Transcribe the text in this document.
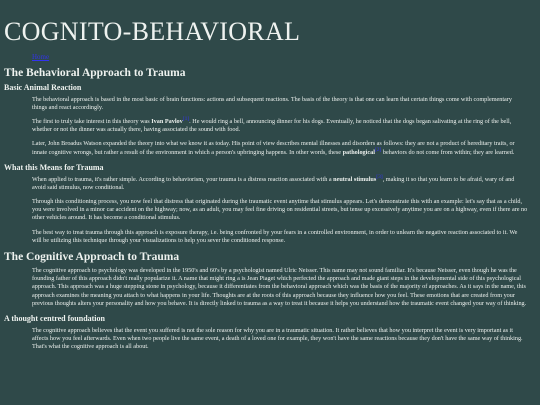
COGNITO-BEHAVIORAL
Home
The Behavioral Approach to Trauma
Basic Animal Reaction

The behavioral approach is based in the most basic of brain functions: actions and subsequent reactions. The basis of the theory is that one can learn that certain things come with complementary things and react accordingly.

The first to truly take interest in this theory was Ivan Pavlov[1]. He would ring a bell, announcing dinner for his dogs. Eventually, he noticed that the dogs began salivating at the ring of the bell, whether or not the dinner was actually there, having associated the sound with food.

Later, John Broadus Watson expanded the theory into what we know it as today. His point of view describes mental illnesses and disorders as follows: they are not a product of hereditary traits, or innate cognitive wrongs, but rather a result of the environment in which a person's upbringing happens. In other words, these pathological[2] behaviors do not come from within; they are learned.

What this Means for Trauma

When applied to trauma, it's rather simple. According to behaviorism, your trauma is a distress reaction associated with a neutral stimulus[3], making it so that you learn to be afraid, wary of and avoid said stimulus, now conditional.

Through this conditioning process, you now feel that distress that originated during the traumatic event anytime that stimulus appears. Let's demonstrate this with an example: let's say that as a child, you were involved in a minor car accident on the highway; now, as an adult, you may feel fine driving on residential streets, but tense up excessively anytime you are on a highway, even if there are no other vehicles around. It has become a conditional stimulus.

The best way to treat trauma through this approach is exposure therapy, i.e. being confronted by your fears in a controlled environment, in order to unlearn the negative reaction associated to it. We will be utilizing this technique through your visualizations to help you sever the conditioned response.

The Cognitive Approach to Trauma

The cognitive approach to psychology was developed in the 1950's and 60's by a psychologist named Ulric Neisser. This name may not sound familiar. It's because Neisser, even though he was the founding father of this approach didn't really popularize it. A name that might ring a is Jean Piaget which perfected the approach and made giant steps in the developmental side of this psychological approach. This approach was a huge stepping stone in psychology, because it differentiates from the behavioral approach which was the basis of the majority of approaches. As it says in the name, this approach examines the meaning you attach to what happens in your life. Thoughts are at the roots of this approach because they influence how you feel. These emotions that are created from your previous thoughts alters your personality and how you behave. It is directly linked to trauma as a way to treat it because it helps you understand how the traumatic event changed your way of thinking.

A thought centred foundation

The cognitive approach believes that the event you suffered is not the sole reason for why you are in a traumatic situation. It rather believes that how you interpret the event is very important as it affects how you feel afterwards. Even when two people live the same event, a death of a loved one for example, they won't have the same reactions because they don't have the same way of thinking. That's what the cognitive approach is all about.
